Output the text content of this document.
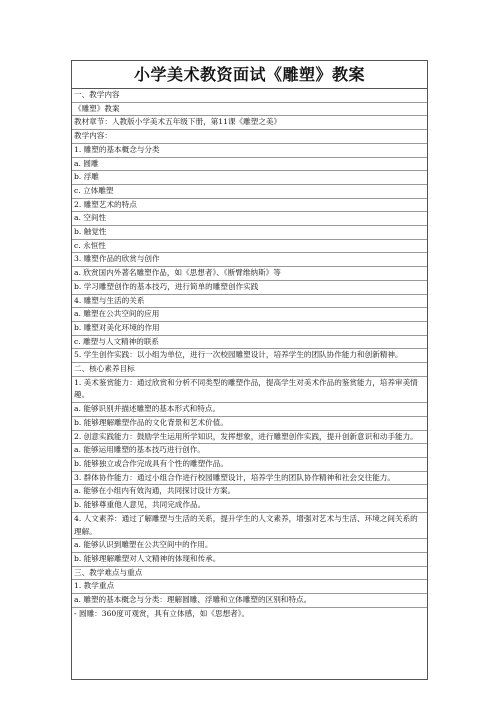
小学美术教资面试《雕塑》教案
一、教学内容
《雕塑》教案
教材章节：人教版小学美术五年级下册，第11课《雕塑之美》
教学内容：
1. 雕塑的基本概念与分类
a. 圆雕
b. 浮雕
c. 立体雕塑
2. 雕塑艺术的特点
a. 空间性
b. 触觉性
c. 永恒性
3. 雕塑作品的欣赏与创作
a. 欣赏国内外著名雕塑作品，如《思想者》、《断臂维纳斯》等
b. 学习雕塑创作的基本技巧，进行简单的雕塑创作实践
4. 雕塑与生活的关系
a. 雕塑在公共空间的应用
b. 雕塑对美化环境的作用
c. 雕塑与人文精神的联系
5. 学生创作实践：以小组为单位，进行一次校园雕塑设计，培养学生的团队协作能力和创新精神。
二、核心素养目标
1. 美术鉴赏能力：通过欣赏和分析不同类型的雕塑作品，提高学生对美术作品的鉴赏能力，培养审美情趣。
a. 能够识别并描述雕塑的基本形式和特点。
b. 能够理解雕塑作品的文化背景和艺术价值。
2. 创意实践能力：鼓励学生运用所学知识，发挥想象，进行雕塑创作实践，提升创新意识和动手能力。
a. 能够运用雕塑的基本技巧进行创作。
b. 能够独立或合作完成具有个性的雕塑作品。
3. 群体协作能力：通过小组合作进行校园雕塑设计，培养学生的团队协作精神和社会交往能力。
a. 能够在小组内有效沟通，共同探讨设计方案。
b. 能够尊重他人意见，共同完成作品。
4. 人文素养：通过了解雕塑与生活的关系，提升学生的人文素养，增强对艺术与生活、环境之间关系的理解。
a. 能够认识到雕塑在公共空间中的作用。
b. 能够理解雕塑对人文精神的体现和传承。
三、教学难点与重点
1. 教学重点
a. 雕塑的基本概念与分类：理解圆雕、浮雕和立体雕塑的区别和特点。
- 圆雕：360度可观赏，具有立体感，如《思想者》。
